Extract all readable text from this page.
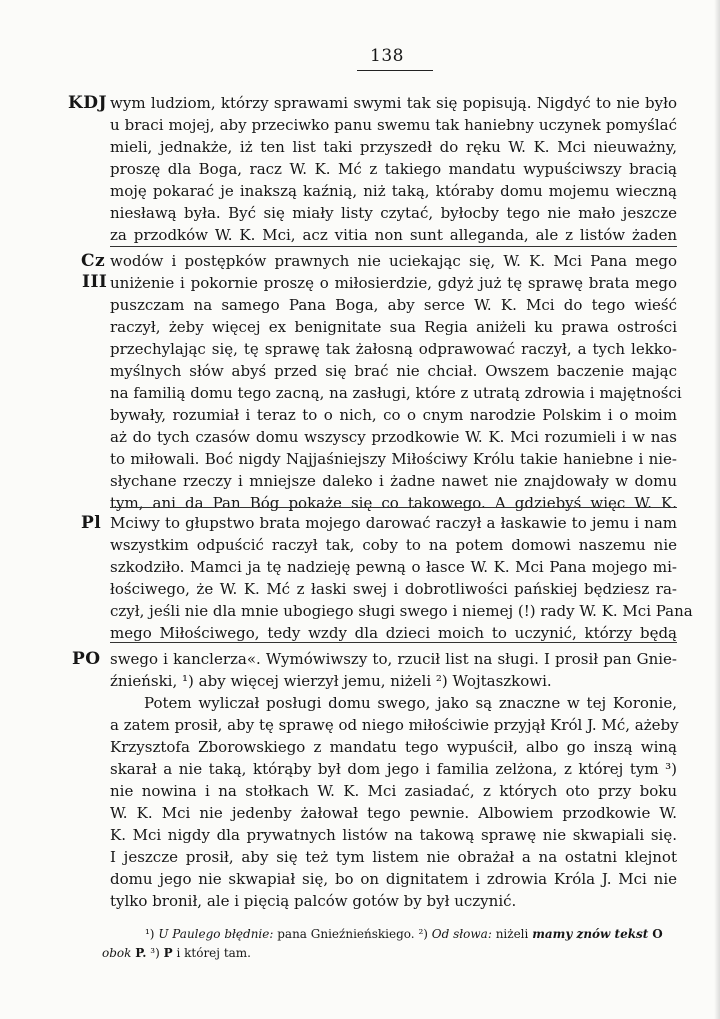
138
KDJ wym ludziom, którzy sprawami swymi tak się popisują. Nigdyć to nie było
u braci mojej, aby przeciwko panu swemu tak haniebny uczynek pomyślać
mieli, jednakże, iż ten list taki przyszedł do ręku W. K. Mci nieuważny,
proszę dla Boga, racz W. K. Mć z takiego mandatu wypuściwszy bracią
moję pokarać je inakszą kaźnią, niż taką, któraby domu mojemu wieczną
niesławą była. Być się miały listy czytać, byłocby tego nie mało jeszcze
za przodków W. K. Mci, acz vitia non sunt alleganda, ale z listów żaden
Cz
III
wodów i postępków prawnych nie uciekając się, W. K. Mci Pana mego
uniżenie i pokornie proszę o miłosierdzie, gdyż już tę sprawę brata mego
puszczam na samego Pana Boga, aby serce W. K. Mci do tego wieść
raczył, żeby więcej ex benignitate sua Regia aniżeli ku prawa ostrości
przechylając się, tę sprawę tak żałosną odprawować raczył, a tych lekko-
myślnych słów abyś przed się brać nie chciał. Owszem baczenie mając
na familią domu tego zacną, na zasługi, które z utratą zdrowia i majętności
bywały, rozumiał i teraz to o nich, co o cnym narodzie Polskim i o moim
aż do tych czasów domu wszyscy przodkowie W. K. Mci rozumieli i w nas
to miłowali. Boć nigdy Najjaśniejszy Miłościwy Królu takie haniebne i nie-
słychane rzeczy i mniejsze daleko i żadne nawet nie znajdowały w domu
tym, ani da Pan Bóg pokaże się co takowego. A gdziebyś więc W. K.
Pl Mciwy to głupstwo brata mojego darować raczył a łaskawie to jemu i nam
wszystkim odpuścić raczył tak, coby to na potem domowi naszemu nie
szkodziło. Mamci ja tę nadzieję pewną o łasce W. K. Mci Pana mojego mi-
łościwego, że W. K. Mć z łaski swej i dobrotliwości pańskiej będziesz ra-
czył, jeśli nie dla mnie ubogiego sługi swego i niemej (!) rady W. K. Mci Pana
mego Miłościwego, tedy wzdy dla dzieci moich to uczynić, którzy będą
PO swego i kanclerza«. Wymówiwszy to, rzucił list na sługi. I prosił pan Gnie-
źnieński, ¹) aby więcej wierzył jemu, niżeli ²) Wojtaszkowi.
Potem wyliczał posługi domu swego, jako są znaczne w tej Koronie,
a zatem prosił, aby tę sprawę od niego miłościwie przyjął Król J. Mć, ażeby
Krzysztofa Zborowskiego z mandatu tego wypuścił, albo go inszą winą
skarał a nie taką, którąby był dom jego i familia zelżona, z której tym ³)
nie nowina i na stołkach W. K. Mci zasiadać, z których oto przy boku
W. K. Mci nie jedenby żałował tego pewnie. Albowiem przodkowie W.
K. Mci nigdy dla prywatnych listów na takową sprawę nie skwapiali się.
I jeszcze prosił, aby się też tym listem nie obrażał a na ostatni klejnot
domu jego nie skwapiał się, bo on dignitatem i zdrowia Króla J. Mci nie
tylko bronił, ale i pięcią palców gotów by był uczynić.
¹) U Paulego błędnie: pana Gnieźnieńskiego. ²) Od słowa: niżeli mamy znów tekst O
obok P. ³) P i której tam.
